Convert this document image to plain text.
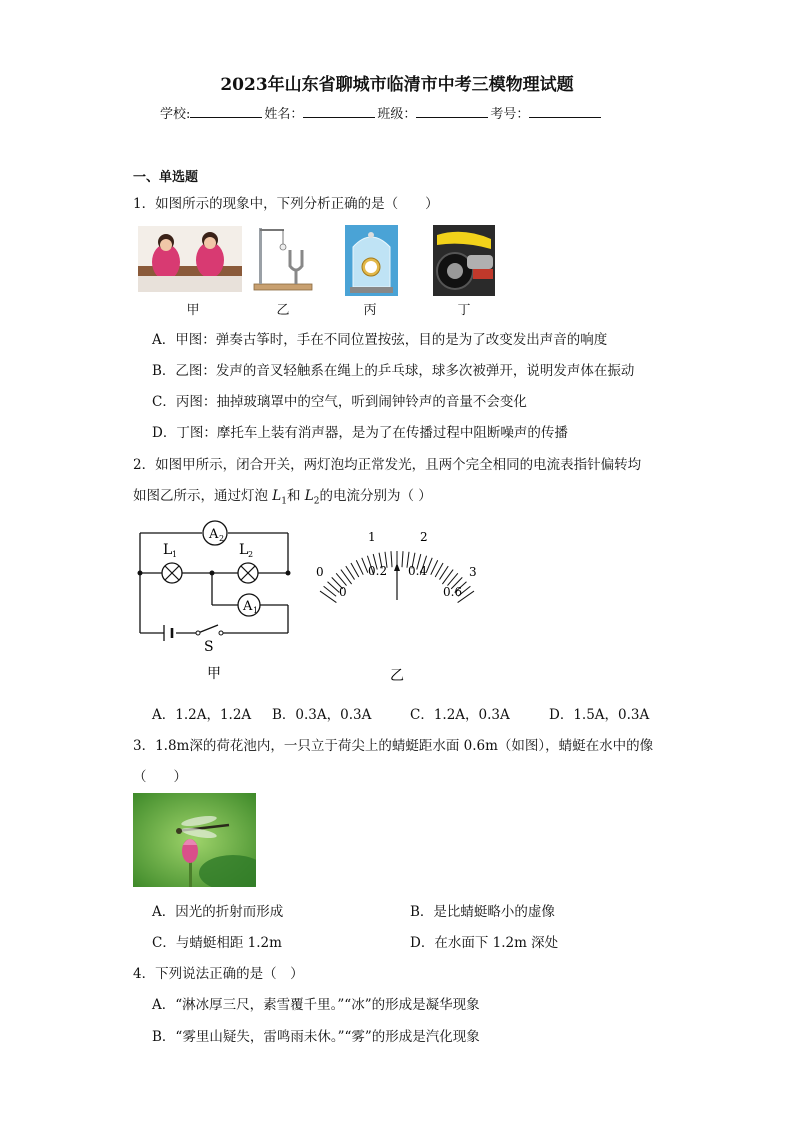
2023年山东省聊城市临清市中考三模物理试题
学校:	姓名：	班级：	考号：
一、单选题
1．如图所示的现象中，下列分析正确的是（　　）
甲	乙	丙	丁
A．甲图：弹奏古筝时，手在不同位置按弦，目的是为了改变发出声音的响度
B．乙图：发声的音叉轻触系在绳上的乒乓球，球多次被弹开，说明发声体在振动
C．丙图：抽掉玻璃罩中的空气，听到闹钟铃声的音量不会变化
D．丁图：摩托车上装有消声器，是为了在传播过程中阻断噪声的传播
2．如图甲所示，闭合开关，两灯泡均正常发光，且两个完全相同的电流表指针偏转均
如图乙所示，通过灯泡 $L_1$和 $L_2$的电流分别为（ ）
A 2
L 1	L 2
A 1
S
甲
0
1	2
3
0
0.2 0.4
0.6
乙
A．1.2A，1.2A B．0.3A，0.3A	C．1.2A，0.3A	D．1.5A，0.3A
3．1.8m深的荷花池内，一只立于荷尖上的蜻蜓距水面 0.6m（如图），蜻蜓在水中的像
（　　）
A．因光的折射而形成	B．是比蜻蜓略小的虚像
C．与蜻蜓相距 1.2m	D．在水面下 1.2m 深处
4．下列说法正确的是（　）
A．“淋冰厚三尺，素雪覆千里。”“冰”的形成是凝华现象
B．“雾里山疑失，雷鸣雨未休。”“雾”的形成是汽化现象
